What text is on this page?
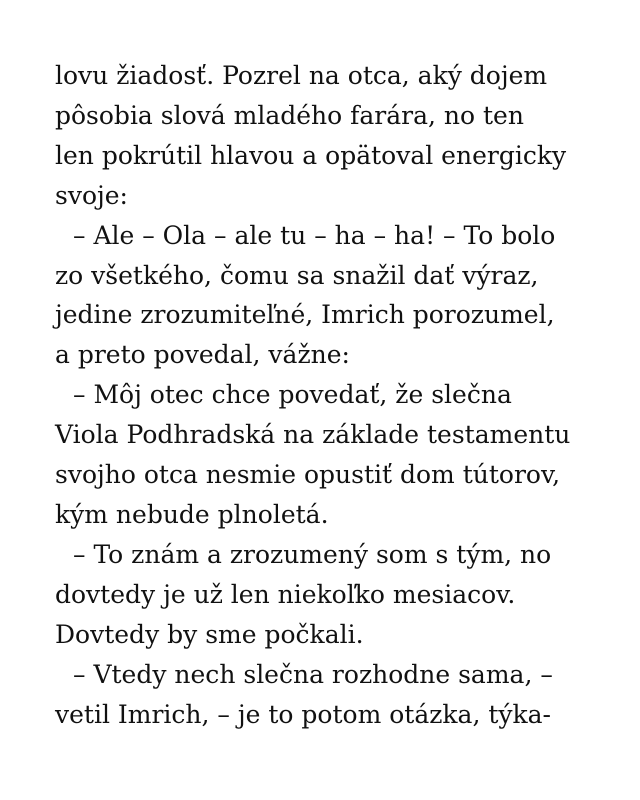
lovu žiadosť. Pozrel na otca, aký dojem
pôsobia slová mladého farára, no ten
len pokrútil hlavou a opätoval energicky
svoje:
– Ale – Ola – ale tu – ha – ha! – To bolo
zo všetkého, čomu sa snažil dať výraz,
jedine zrozumiteľné, Imrich porozumel,
a preto povedal, vážne:
– Môj otec chce povedať, že slečna
Viola Podhradská na základe testamentu
svojho otca nesmie opustiť dom tútorov,
kým nebude plnoletá.
– To znám a zrozumený som s tým, no
dovtedy je už len niekoľko mesiacov.
Dovtedy by sme počkali.
– Vtedy nech slečna rozhodne sama, –
vetil Imrich, – je to potom otázka, týka-
